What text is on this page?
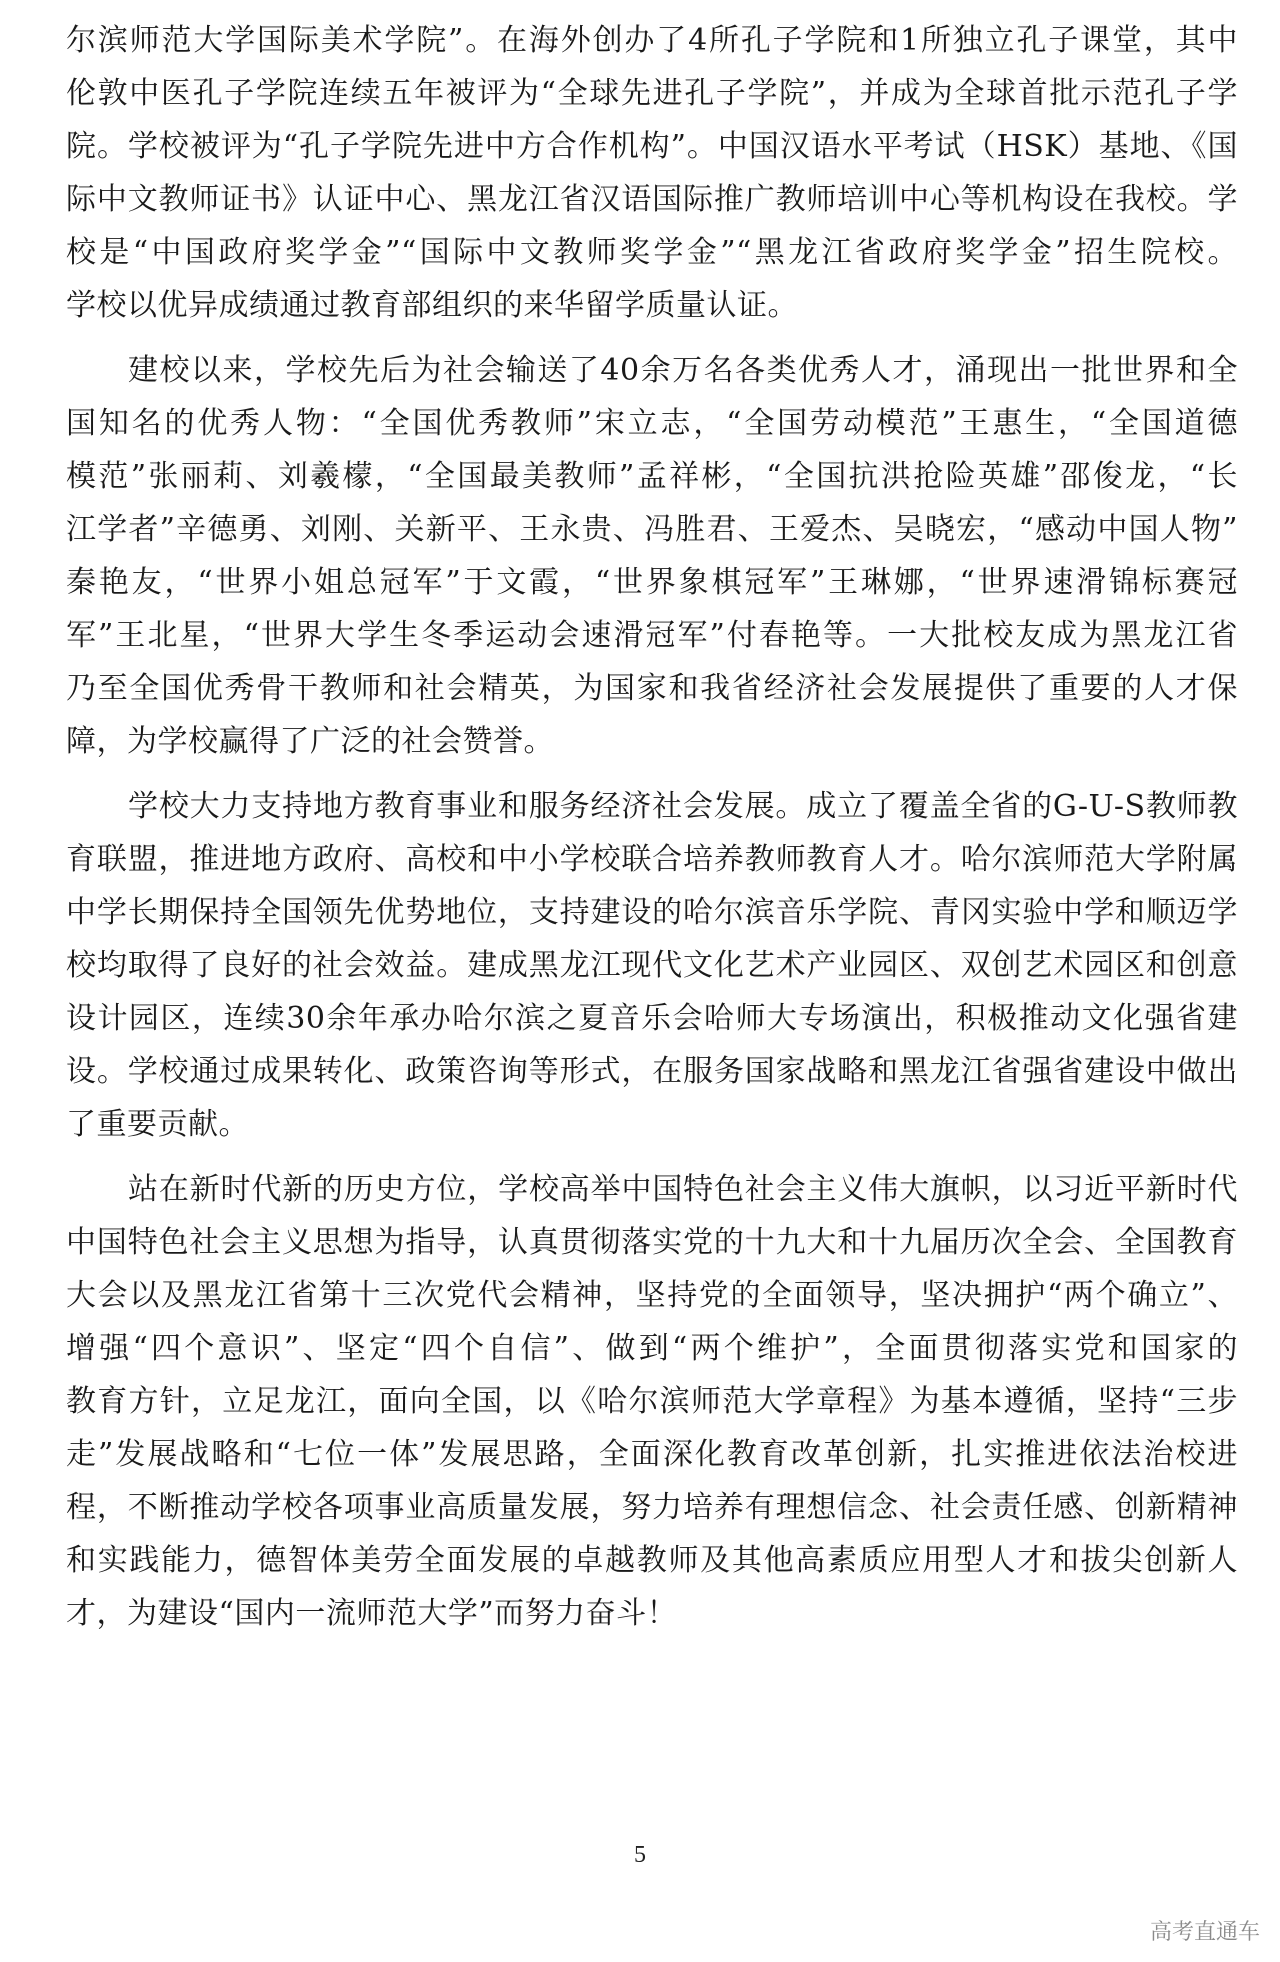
尔滨师范大学国际美术学院”。在海外创办了4所孔子学院和1所独立孔子课堂，其中
伦敦中医孔子学院连续五年被评为“全球先进孔子学院”，并成为全球首批示范孔子学
院。学校被评为“孔子学院先进中方合作机构”。中国汉语水平考试（HSK）基地、《国
际中文教师证书》认证中心、黑龙江省汉语国际推广教师培训中心等机构设在我校。学
校是“中国政府奖学金”“国际中文教师奖学金”“黑龙江省政府奖学金”招生院校。
学校以优异成绩通过教育部组织的来华留学质量认证。
建校以来，学校先后为社会输送了40余万名各类优秀人才，涌现出一批世界和全
国知名的优秀人物：“全国优秀教师”宋立志，“全国劳动模范”王惠生，“全国道德
模范”张丽莉、刘羲檬，“全国最美教师”孟祥彬，“全国抗洪抢险英雄”邵俊龙，“长
江学者”辛德勇、刘刚、关新平、王永贵、冯胜君、王爱杰、吴晓宏，“感动中国人物”
秦艳友，“世界小姐总冠军”于文霞，“世界象棋冠军”王琳娜，“世界速滑锦标赛冠
军”王北星，“世界大学生冬季运动会速滑冠军”付春艳等。一大批校友成为黑龙江省
乃至全国优秀骨干教师和社会精英，为国家和我省经济社会发展提供了重要的人才保
障，为学校赢得了广泛的社会赞誉。
学校大力支持地方教育事业和服务经济社会发展。成立了覆盖全省的G-U-S教师教
育联盟，推进地方政府、高校和中小学校联合培养教师教育人才。哈尔滨师范大学附属
中学长期保持全国领先优势地位，支持建设的哈尔滨音乐学院、青冈实验中学和顺迈学
校均取得了良好的社会效益。建成黑龙江现代文化艺术产业园区、双创艺术园区和创意
设计园区，连续30余年承办哈尔滨之夏音乐会哈师大专场演出，积极推动文化强省建
设。学校通过成果转化、政策咨询等形式，在服务国家战略和黑龙江省强省建设中做出
了重要贡献。
站在新时代新的历史方位，学校高举中国特色社会主义伟大旗帜，以习近平新时代
中国特色社会主义思想为指导，认真贯彻落实党的十九大和十九届历次全会、全国教育
大会以及黑龙江省第十三次党代会精神，坚持党的全面领导，坚决拥护“两个确立”、
增强“四个意识”、坚定“四个自信”、做到“两个维护”，全面贯彻落实党和国家的
教育方针，立足龙江，面向全国，以《哈尔滨师范大学章程》为基本遵循，坚持“三步
走”发展战略和“七位一体”发展思路，全面深化教育改革创新，扎实推进依法治校进
程，不断推动学校各项事业高质量发展，努力培养有理想信念、社会责任感、创新精神
和实践能力，德智体美劳全面发展的卓越教师及其他高素质应用型人才和拔尖创新人
才，为建设“国内一流师范大学”而努力奋斗！
5
高考直通车
